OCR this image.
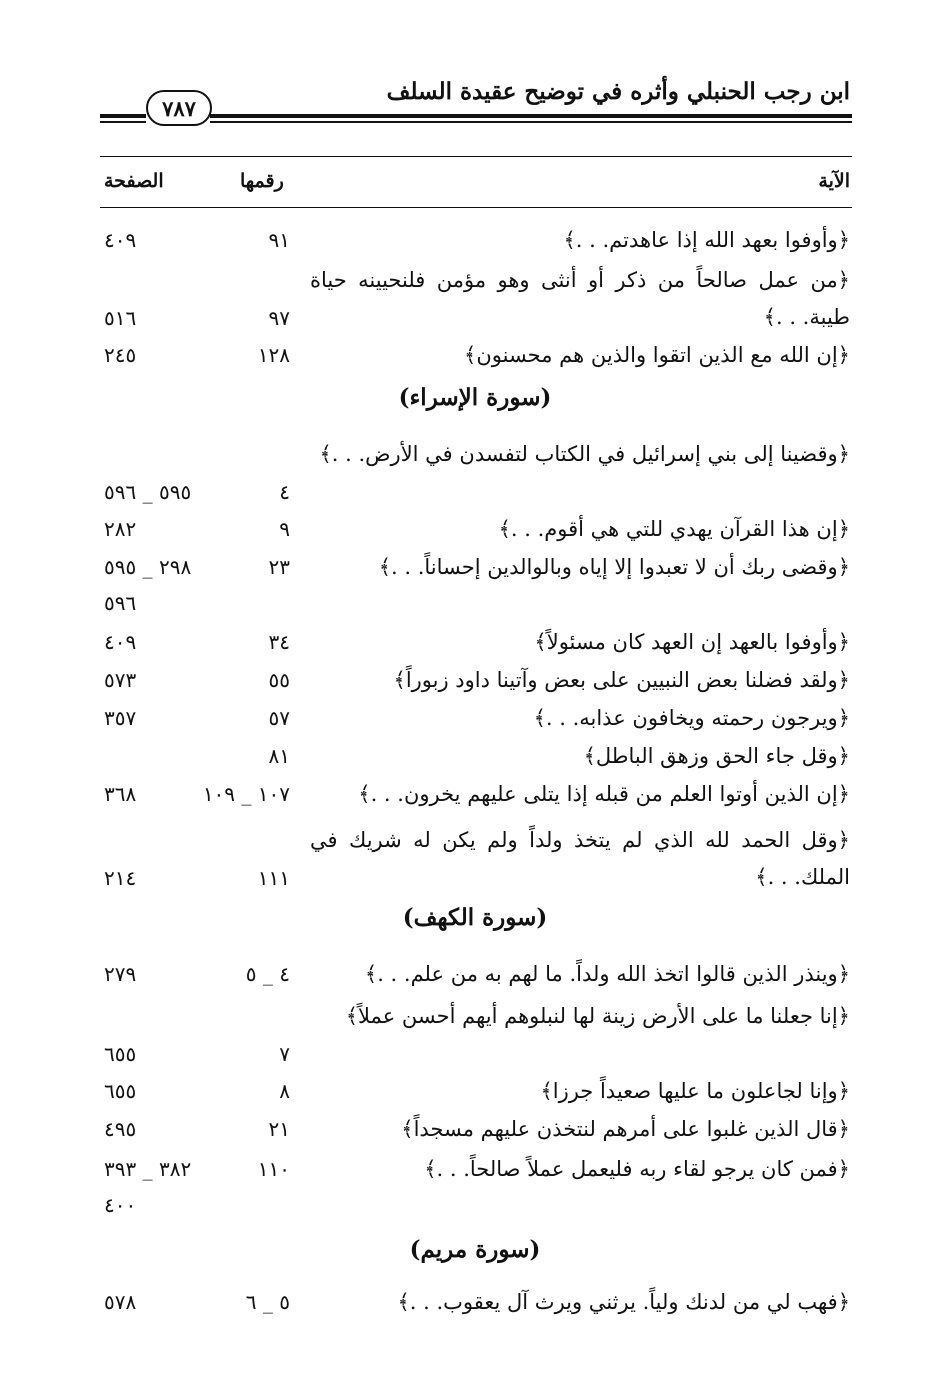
ابن رجب الحنبلي وأثره في توضيح عقيدة السلف
٧٨٧
الآية
رقمها
الصفحة
﴿وأوفوا بعهد الله إذا عاهدتم. . .﴾
٩١
٤٠٩
﴿من عمل صالحاً من ذكر أو أنثى وهو مؤمن فلنحيينه حياة طيبة. . .﴾
٩٧
٥١٦
﴿إن الله مع الذين اتقوا والذين هم محسنون﴾
١٢٨
٢٤٥
(سورة الإسراء)
﴿وقضينا إلى بني إسرائيل في الكتاب لتفسدن في الأرض. . .﴾
٤
٥٩٥ _ ٥٩٦
﴿إن هذا القرآن يهدي للتي هي أقوم. . .﴾
٩
٢٨٢
﴿وقضى ربك أن لا تعبدوا إلا إياه وبالوالدين إحساناً. . .﴾
٢٣
٢٩٨ _ ٥٩٥
٥٩٦
﴿وأوفوا بالعهد إن العهد كان مسئولاً﴾
٣٤
٤٠٩
﴿ولقد فضلنا بعض النبيين على بعض وآتينا داود زبوراً﴾
٥٥
٥٧٣
﴿ويرجون رحمته ويخافون عذابه. . .﴾
٥٧
٣٥٧
﴿وقل جاء الحق وزهق الباطل﴾
٨١
﴿إن الذين أوتوا العلم من قبله إذا يتلى عليهم يخرون. . .﴾
١٠٧ _ ١٠٩
٣٦٨
﴿وقل الحمد لله الذي لم يتخذ ولداً ولم يكن له شريك في الملك. . .﴾
١١١
٢١٤
(سورة الكهف)
﴿وينذر الذين قالوا اتخذ الله ولداً. ما لهم به من علم. . .﴾
٤ _ ٥
٢٧٩
﴿إنا جعلنا ما على الأرض زينة لها لنبلوهم أيهم أحسن عملاً﴾
٧
٦٥٥
﴿وإنا لجاعلون ما عليها صعيداً جرزا﴾
٨
٦٥٥
﴿قال الذين غلبوا على أمرهم لنتخذن عليهم مسجداً﴾
٢١
٤٩٥
﴿فمن كان يرجو لقاء ربه فليعمل عملاً صالحاً. . .﴾
١١٠
٣٨٢ _ ٣٩٣
٤٠٠
(سورة مريم)
﴿فهب لي من لدنك ولياً. يرثني ويرث آل يعقوب. . .﴾
٥ _ ٦
٥٧٨
